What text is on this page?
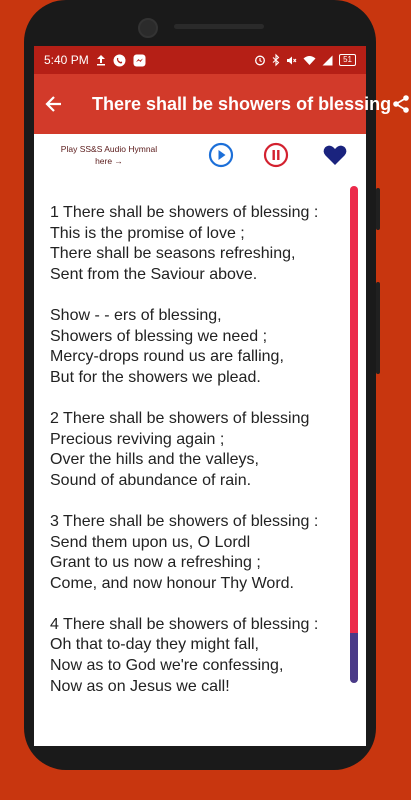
5:40 PM	51
There shall be showers of blessing
Play SS&S Audio Hymnal
here →
1 There shall be showers of blessing :
This is the promise of love ;
There shall be seasons refreshing,
Sent from the Saviour above.
Show - - ers of blessing,
Showers of blessing we need ;
Mercy-drops round us are falling,
But for the showers we plead.
2 There shall be showers of blessing
Precious reviving again ;
Over the hills and the valleys,
Sound of abundance of rain.
3 There shall be showers of blessing :
Send them upon us, O Lordl
Grant to us now a refreshing ;
Come, and now honour Thy Word.
4 There shall be showers of blessing :
Oh that to-day they might fall,
Now as to God we're confessing,
Now as on Jesus we call!
